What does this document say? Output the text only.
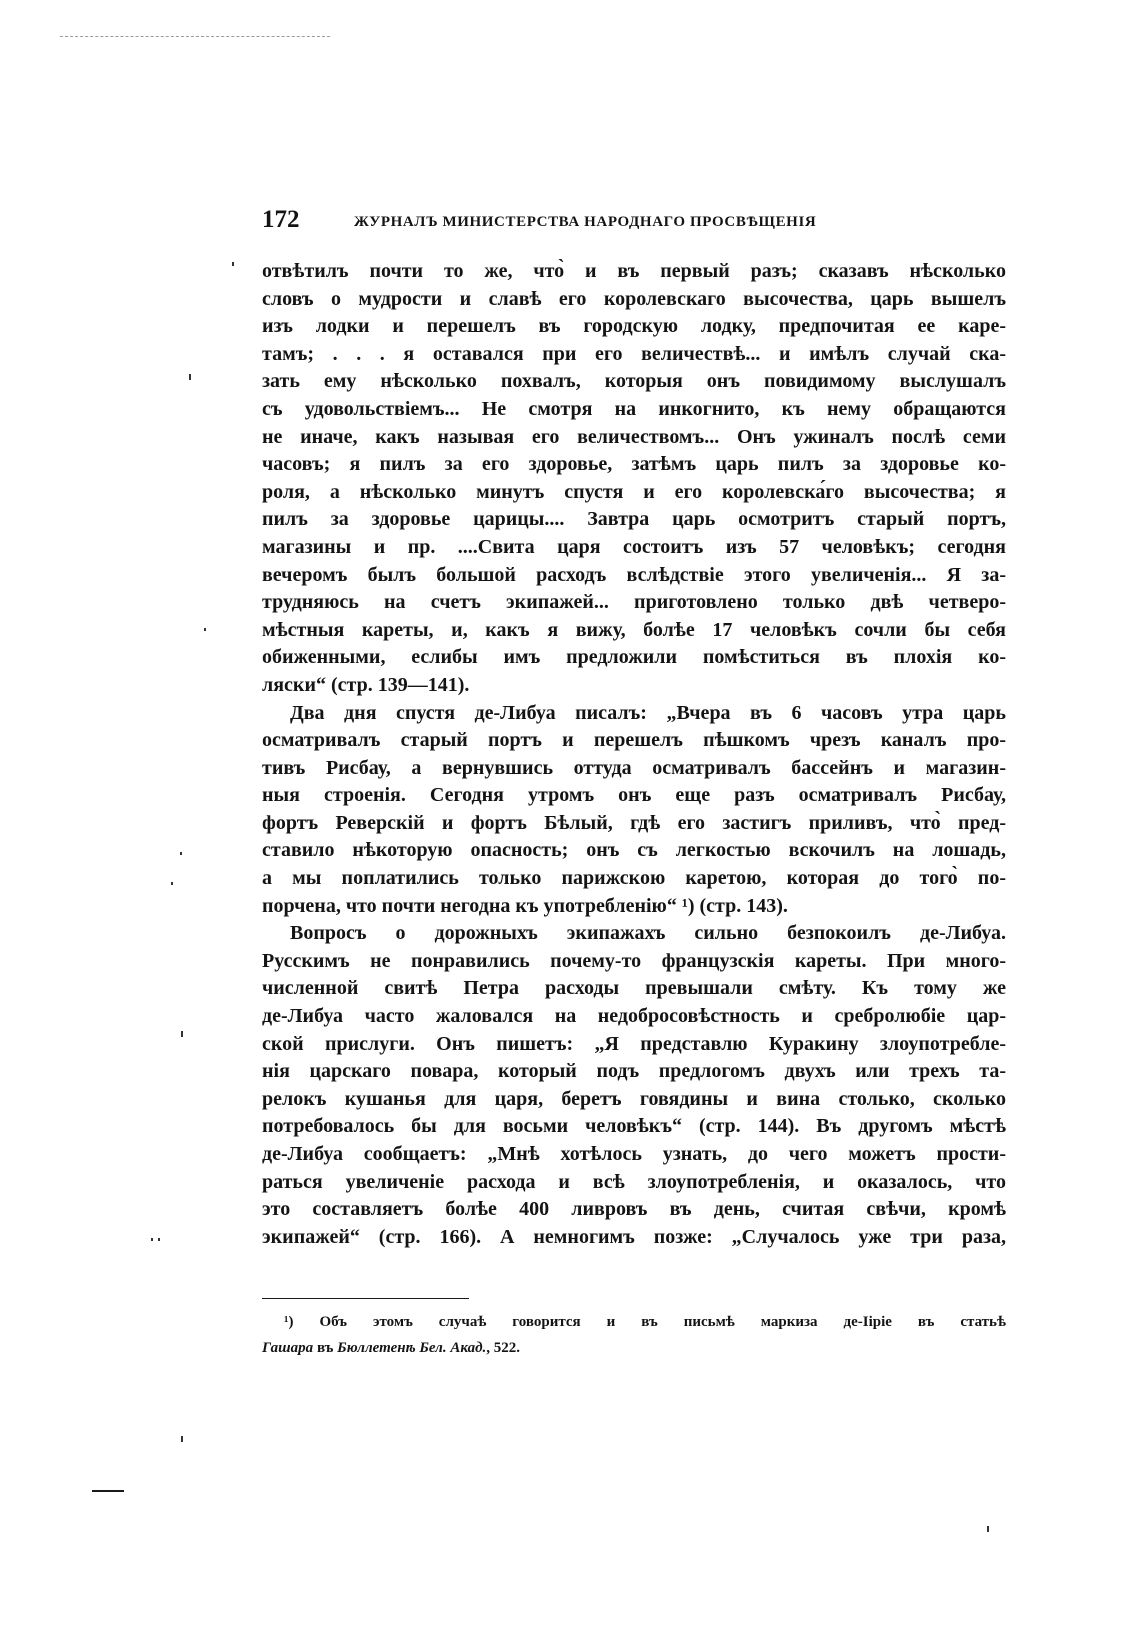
172	ЖУРНАЛЪ МИНИСТЕРСТВА НАРОДНАГО ПРОСВѢЩЕНІЯ
отвѣтилъ почти то же, что̀ и въ первый разъ; сказавъ нѣсколько
словъ о мудрости и славѣ его королевскаго высочества, царь вышелъ
изъ лодки и перешелъ въ городскую лодку, предпочитая ее каре-
тамъ; . . . я оставался при его величествѣ... и имѣлъ случай ска-
зать ему нѣсколько похвалъ, которыя онъ повидимому выслушалъ
съ удовольствіемъ... Не смотря на инкогнито, къ нему обращаются
не иначе, какъ называя его величествомъ... Онъ ужиналъ послѣ семи
часовъ; я пилъ за его здоровье, затѣмъ царь пилъ за здоровье ко-
роля, а нѣсколько минутъ спустя и его королевска́го высочества; я
пилъ за здоровье царицы.... Завтра царь осмотритъ старый портъ,
магазины и пр. ....Свита царя состоитъ изъ 57 человѣкъ; сегодня
вечеромъ былъ большой расходъ вслѣдствіе этого увеличенія... Я за-
трудняюсь на счетъ экипажей... приготовлено только двѣ четверо-
мѣстныя кареты, и, какъ я вижу, болѣе 17 человѣкъ сочли бы себя
обиженными, еслибы имъ предложили помѣститься въ плохія ко-
ляски“ (стр. 139—141).
Два дня спустя де-Либуа писалъ: „Вчера въ 6 часовъ утра царь
осматривалъ старый портъ и перешелъ пѣшкомъ чрезъ каналъ про-
тивъ Рисбау, а вернувшись оттуда осматривалъ бассейнъ и магазин-
ныя строенія. Сегодня утромъ онъ еще разъ осматривалъ Рисбау,
фортъ Реверскій и фортъ Бѣлый, гдѣ его застигъ приливъ, что̀ пред-
ставило нѣкоторую опасность; онъ съ легкостью вскочилъ на лошадь,
а мы поплатились только парижскою каретою, которая до того̀ по-
порчена, что почти негодна къ употребленію“ ¹) (стр. 143).
Вопросъ о дорожныхъ экипажахъ сильно безпокоилъ де-Либуа.
Русскимъ не понравились почему-то французскія кареты. При много-
численной свитѣ Петра расходы превышали смѣту. Къ тому же
де-Либуа часто жаловался на недобросовѣстность и сребролюбіе цар-
ской прислуги. Онъ пишетъ: „Я представлю Куракину злоупотребле-
нія царскаго повара, который подъ предлогомъ двухъ или трехъ та-
релокъ кушанья для царя, беретъ говядины и вина столько, сколько
потребовалось бы для восьми человѣкъ“ (стр. 144). Въ другомъ мѣстѣ
де-Либуа сообщаетъ: „Мнѣ хотѣлось узнать, до чего можетъ прости-
раться увеличеніе расхода и всѣ злоупотребленія, и оказалось, что
это составляетъ болѣе 400 ливровъ въ день, считая свѣчи, кромѣ
экипажей“ (стр. 166). А немногимъ позже: „Случалось уже три раза,
¹) Объ этомъ случаѣ говорится и въ письмѣ маркиза де-Ііріе въ статьѣ
Гашара въ Бюллетенѣ Бел. Акад., 522.
